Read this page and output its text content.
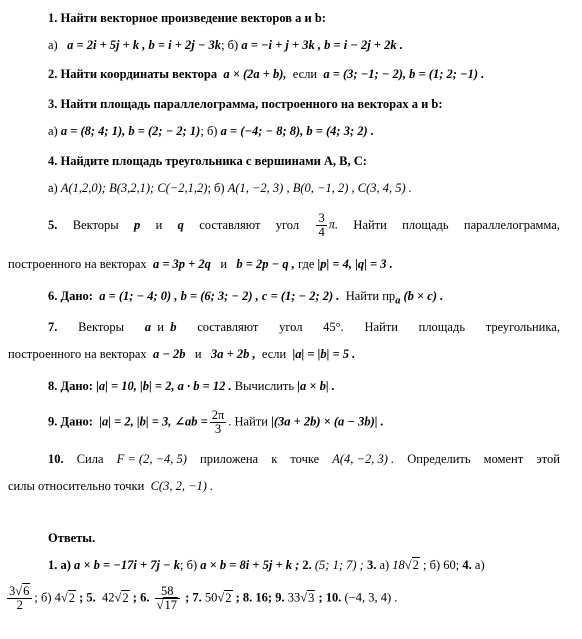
1. Найти векторное произведение векторов a и b:
а) a = 2i + 5j + k , b = i + 2j − 3k; б) a = −i + j + 3k , b = i − 2j + 2k .
2. Найти координаты вектора a × (2a + b), если a = (3; −1; − 2), b = (1; 2; −1) .
3. Найти площадь параллелограмма, построенного на векторах a и b:
а) a = (8; 4; 1), b = (2; − 2; 1); б) a = (−4; − 8; 8), b = (4; 3; 2) .
4. Найдите площадь треугольника с вершинами A, B, C:
а) A(1,2,0); B(3,2,1); C(−2,1,2); б) A(1, −2, 3) , B(0, −1, 2) , C(3, 4, 5) .
5. Векторы p и q составляют угол $\frac{3}{4} \pi$. Найти площадь параллелограмма,
построенного на векторах a = 3p + 2q и b = 2p − q , где |p| = 4, |q| = 3 .
6. Дано: a = (1; − 4; 0) , b = (6; 3; − 2) , c = (1; − 2; 2) . Найти $пр_a$ (b × c) .
7. Векторы a и b составляют угол 45°. Найти площадь треугольника,
построенного на векторах a − 2b и 3a + 2b , если |a| = |b| = 5 .
8. Дано: |a| = 10, |b| = 2, a · b = 12 . Вычислить |a × b| .
9. Дано: |a| = 2, |b| = 3, ∠ab = $\frac{2\pi}{3}$ . Найти |(3a + 2b) × (a − 3b)| .
10. Сила F = (2, −4, 5) приложена к точке A(4, −2, 3) . Определить момент этой
силы относительно точки C(3, 2, −1) .
Ответы.
1. а) a × b = −17i + 7j − k; б) a × b = 8i + 5j + k ; 2. (5; 1; 7) ; 3. а) 18√2 ; б) 60; 4. а)
$\frac{3√6}{2}$ ; б) 4√2 ; 5. 42√2 ; 6. $\frac{58}{√17}$ ; 7. 50√2 ; 8. 16; 9. 33√3 ; 10. (−4, 3, 4) .
